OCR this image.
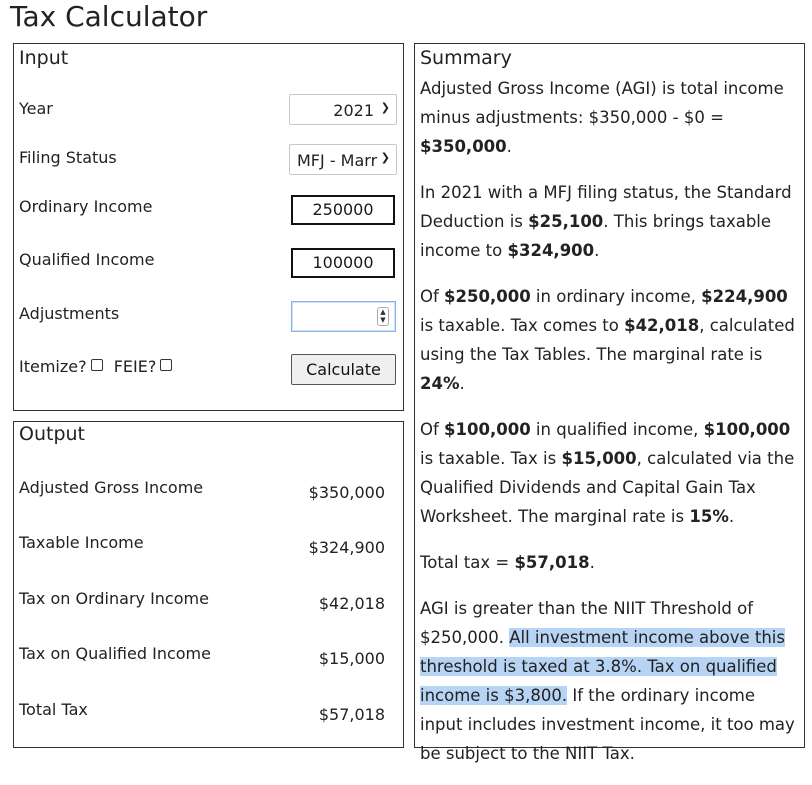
Tax Calculator
Input
Year	2021 ❯
Filing Status	MFJ - Marr ❯
Ordinary Income	250000
Qualified Income	100000
Adjustments	▲
▼
Itemize? FEIE?	Calculate
Output
Adjusted Gross Income	$350,000
Taxable Income	$324,900
Tax on Ordinary Income	$42,018
Tax on Qualified Income	$15,000
Total Tax	$57,018
Summary

Adjusted Gross Income (AGI) is total income minus adjustments: $350,000 - $0 = $350,000.

In 2021 with a MFJ filing status, the Standard Deduction is $25,100. This brings taxable income to $324,900.

Of $250,000 in ordinary income, $224,900 is taxable. Tax comes to $42,018, calculated using the Tax Tables. The marginal rate is 24%.

Of $100,000 in qualified income, $100,000 is taxable. Tax is $15,000, calculated via the Qualified Dividends and Capital Gain Tax Worksheet. The marginal rate is 15%.

Total tax = $57,018.

AGI is greater than the NIIT Threshold of $250,000. All investment income above this threshold is taxed at 3.8%. Tax on qualified income is $3,800. If the ordinary income input includes investment income, it too may be subject to the NIIT Tax.
